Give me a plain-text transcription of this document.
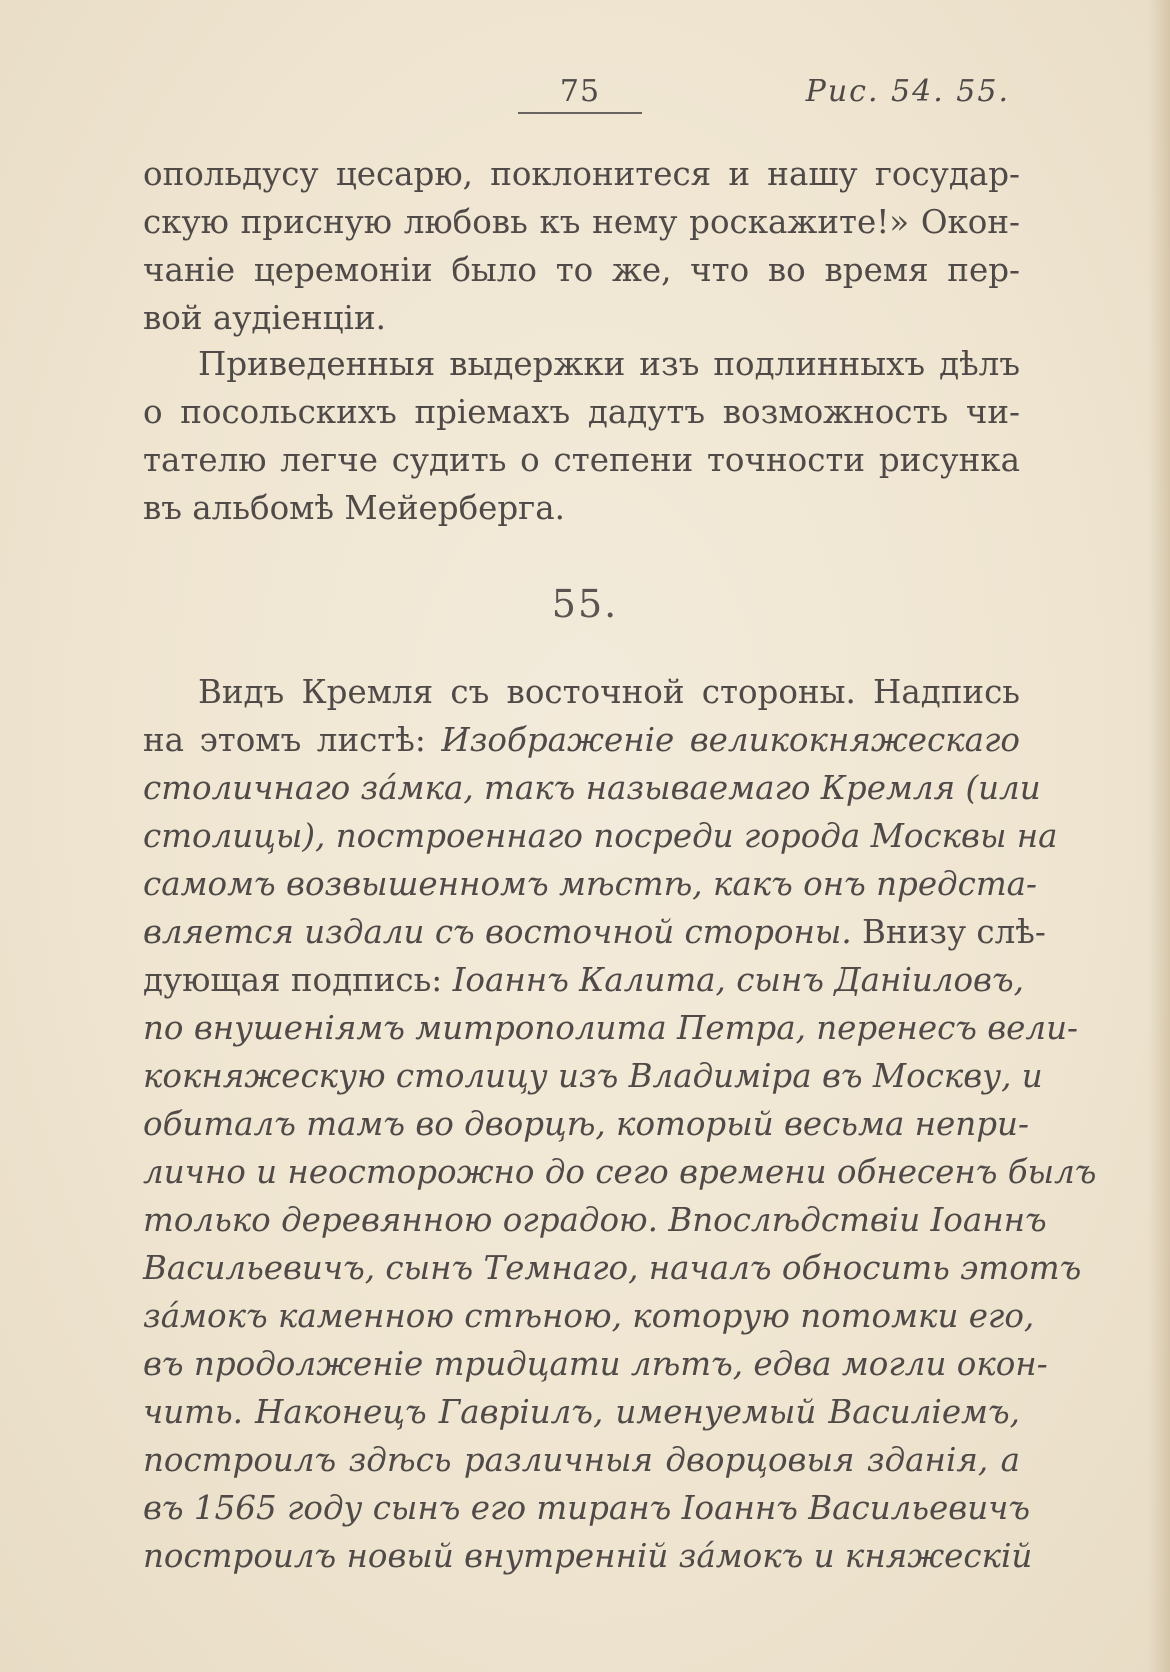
75	Рис. 54. 55.
опольдусу цесарю, поклонитеся и нашу государ-
скую присную любовь къ нему роскажите!» Окон-
чаніе церемоніи было то же, что во время пер-
вой аудіенціи.
Приведенныя выдержки изъ подлинныхъ дѣлъ
о посольскихъ пріемахъ дадутъ возможность чи-
тателю легче судить о степени точности рисунка
въ альбомѣ Мейерберга.
55.
Видъ Кремля съ восточной стороны. Надпись
на этомъ листѣ: Изображеніе великокняжескаго
столичнаго зáмка, такъ называемаго Кремля (или
столицы), построеннаго посреди города Москвы на
самомъ возвышенномъ мѣстѣ, какъ онъ предста-
вляется издали съ восточной стороны. Внизу слѣ-
дующая подпись: Іоаннъ Калита, сынъ Даніиловъ,
по внушеніямъ митрополита Петра, перенесъ вели-
кокняжескую столицу изъ Владиміра въ Москву, и
обиталъ тамъ во дворцѣ, который весьма непри-
лично и неосторожно до сего времени обнесенъ былъ
только деревянною оградою. Впослѣдствіи Іоаннъ
Васильевичъ, сынъ Темнаго, началъ обносить этотъ
зáмокъ каменною стѣною, которую потомки его,
въ продолженіе тридцати лѣтъ, едва могли окон-
чить. Наконецъ Гавріилъ, именуемый Василіемъ,
построилъ здѣсь различныя дворцовыя зданія, а
въ 1565 году сынъ его тиранъ Іоаннъ Васильевичъ
построилъ новый внутренній зáмокъ и княжескій
